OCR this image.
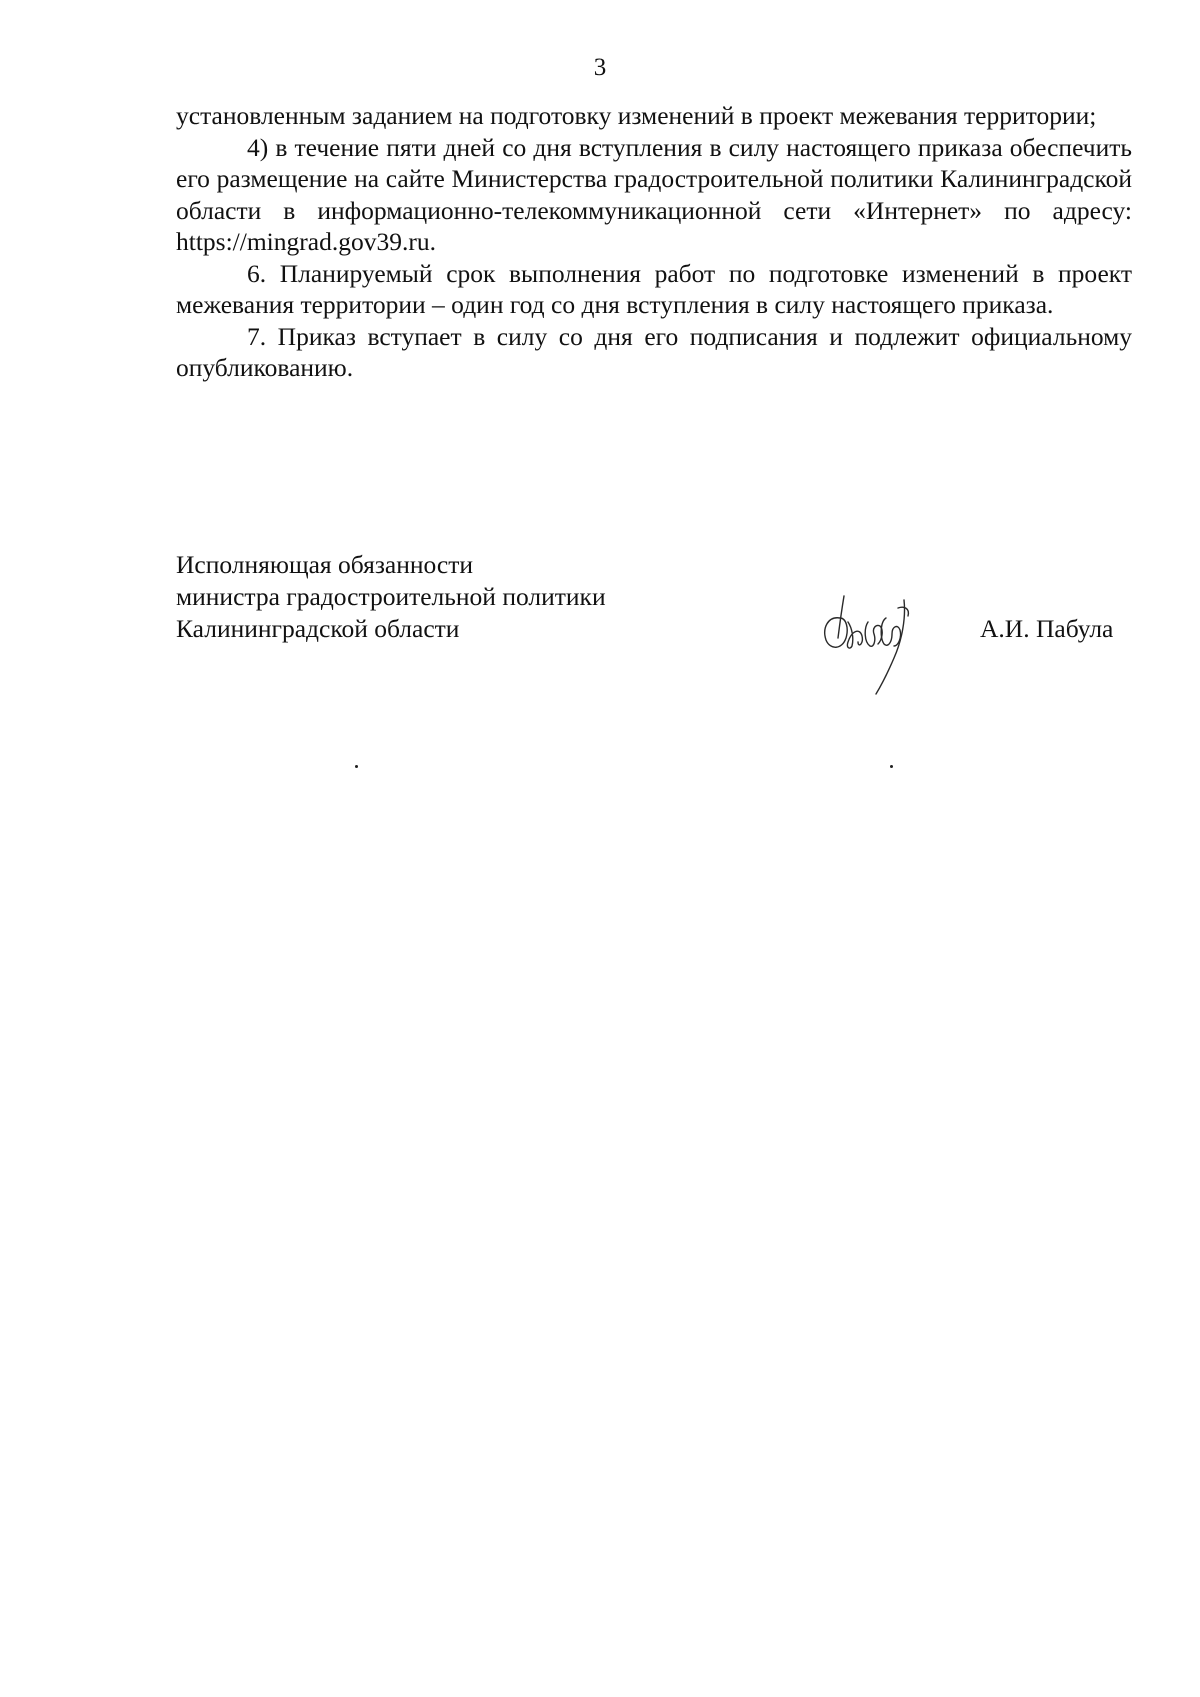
3

установленным заданием на подготовку изменений в проект межевания территории;

4) в течение пяти дней со дня вступления в силу настоящего приказа обеспечить его размещение на сайте Министерства градостроительной политики Калининградской области в информационно-телекоммуникационной сети «Интернет» по адресу: https://mingrad.gov39.ru.

6. Планируемый срок выполнения работ по подготовке изменений в проект межевания территории – один год со дня вступления в силу настоящего приказа.

7. Приказ вступает в силу со дня его подписания и подлежит официальному опубликованию.

Исполняющая обязанности
министра градостроительной политики
Калининградской области	А.И. Пабула
